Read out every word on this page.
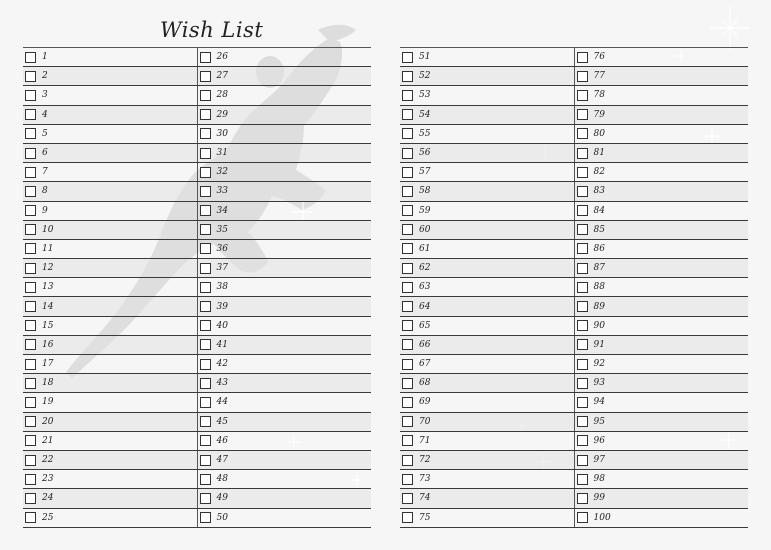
Wish List
1	26
2	27
3	28
4	29
5	30
6	31
7	32
8	33
9	34
10	35
11	36
12	37
13	38
14	39
15	40
16	41
17	42
18	43
19	44
20	45
21	46
22	47
23	48
24	49
25	50
51	76
52	77
53	78
54	79
55	80
56	81
57	82
58	83
59	84
60	85
61	86
62	87
63	88
64	89
65	90
66	91
67	92
68	93
69	94
70	95
71	96
72	97
73	98
74	99
75	100
